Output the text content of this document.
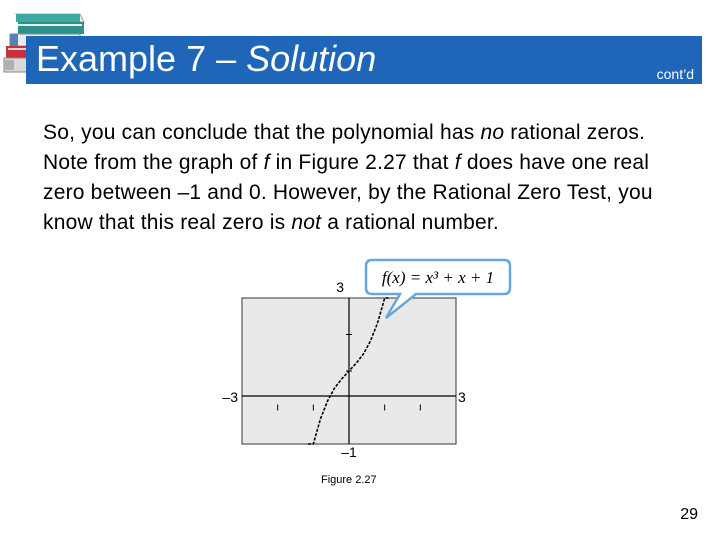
Example 7 – Solution	cont’d
So, you can conclude that the polynomial has no rational zeros. Note from the graph of f in Figure 2.27 that f does have one real zero between –1 and 0. However, by the Rational Zero Test, you know that this real zero is not a rational number.
3
–1
–3	3
f(x) = x³ + x + 1
Figure 2.27
29
